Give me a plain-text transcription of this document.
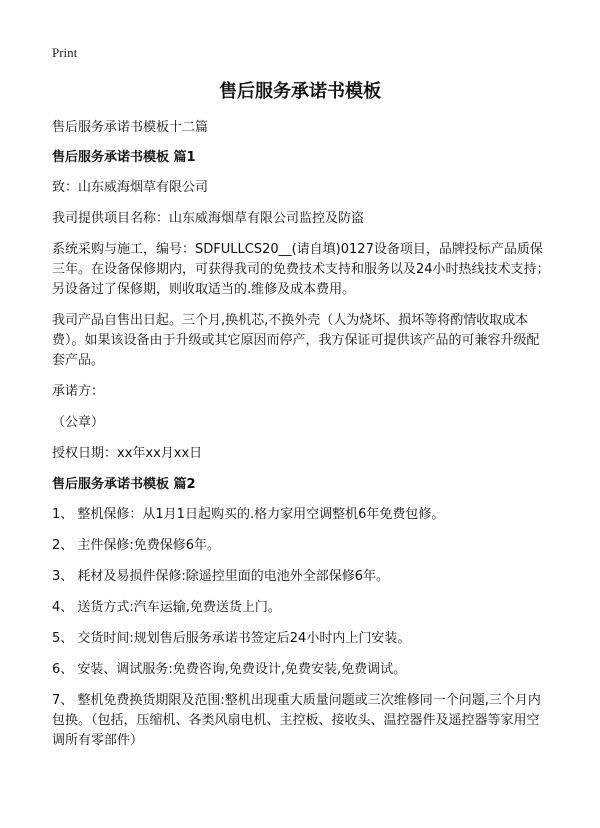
Print
售后服务承诺书模板

售后服务承诺书模板十二篇

售后服务承诺书模板 篇1

致：山东威海烟草有限公司

我司提供项目名称：山东威海烟草有限公司监控及防盗

系统采购与施工，编号：SDFULLCS20__(请自填)0127设备项目，品牌投标产品质保三年。在设备保修期内，可获得我司的免费技术支持和服务以及24小时热线技术支持；另设备过了保修期，则收取适当的.维修及成本费用。

我司产品自售出日起。三个月,换机芯,不换外壳（人为烧坏、损坏等将酌情收取成本费）。如果该设备由于升级或其它原因而停产，我方保证可提供该产品的可兼容升级配套产品。

承诺方：

（公章）

授权日期：xx年xx月xx日

售后服务承诺书模板 篇2

1、 整机保修：从1月1日起购买的.格力家用空调整机6年免费包修。

2、 主件保修:免费保修6年。

3、 耗材及易损件保修:除遥控里面的电池外全部保修6年。

4、 送货方式:汽车运输,免费送货上门。

5、 交货时间:规划售后服务承诺书签定后24小时内上门安装。

6、 安装、调试服务:免费咨询,免费设计,免费安装,免费调试。

7、 整机免费换货期限及范围:整机出现重大质量问题或三次维修同一个问题,三个月内包换。（包括，压缩机、各类风扇电机、主控板、接收头、温控器件及遥控器等家用空调所有零部件）
